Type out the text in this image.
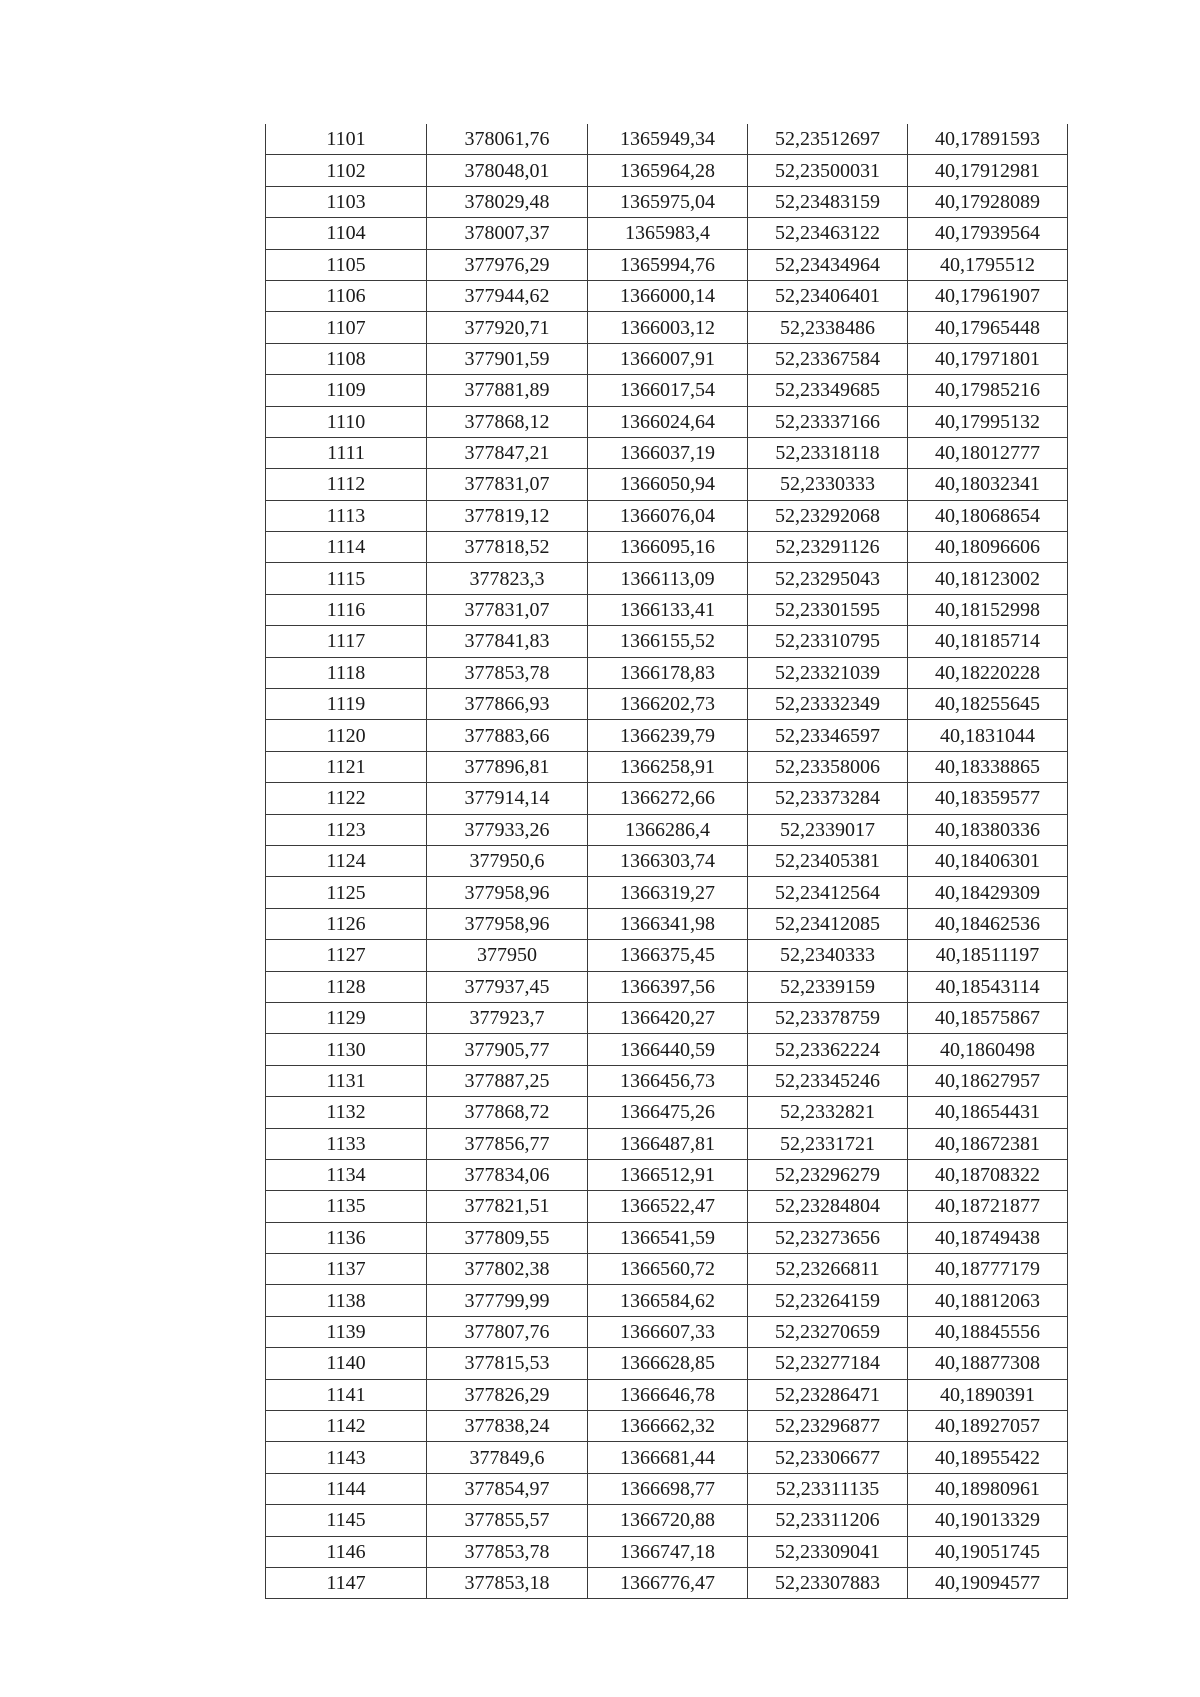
1101	378061,76	1365949,34	52,23512697	40,17891593
1102	378048,01	1365964,28	52,23500031	40,17912981
1103	378029,48	1365975,04	52,23483159	40,17928089
1104	378007,37	1365983,4	52,23463122	40,17939564
1105	377976,29	1365994,76	52,23434964	40,1795512
1106	377944,62	1366000,14	52,23406401	40,17961907
1107	377920,71	1366003,12	52,2338486	40,17965448
1108	377901,59	1366007,91	52,23367584	40,17971801
1109	377881,89	1366017,54	52,23349685	40,17985216
1110	377868,12	1366024,64	52,23337166	40,17995132
1111	377847,21	1366037,19	52,23318118	40,18012777
1112	377831,07	1366050,94	52,2330333	40,18032341
1113	377819,12	1366076,04	52,23292068	40,18068654
1114	377818,52	1366095,16	52,23291126	40,18096606
1115	377823,3	1366113,09	52,23295043	40,18123002
1116	377831,07	1366133,41	52,23301595	40,18152998
1117	377841,83	1366155,52	52,23310795	40,18185714
1118	377853,78	1366178,83	52,23321039	40,18220228
1119	377866,93	1366202,73	52,23332349	40,18255645
1120	377883,66	1366239,79	52,23346597	40,1831044
1121	377896,81	1366258,91	52,23358006	40,18338865
1122	377914,14	1366272,66	52,23373284	40,18359577
1123	377933,26	1366286,4	52,2339017	40,18380336
1124	377950,6	1366303,74	52,23405381	40,18406301
1125	377958,96	1366319,27	52,23412564	40,18429309
1126	377958,96	1366341,98	52,23412085	40,18462536
1127	377950	1366375,45	52,2340333	40,18511197
1128	377937,45	1366397,56	52,2339159	40,18543114
1129	377923,7	1366420,27	52,23378759	40,18575867
1130	377905,77	1366440,59	52,23362224	40,1860498
1131	377887,25	1366456,73	52,23345246	40,18627957
1132	377868,72	1366475,26	52,2332821	40,18654431
1133	377856,77	1366487,81	52,2331721	40,18672381
1134	377834,06	1366512,91	52,23296279	40,18708322
1135	377821,51	1366522,47	52,23284804	40,18721877
1136	377809,55	1366541,59	52,23273656	40,18749438
1137	377802,38	1366560,72	52,23266811	40,18777179
1138	377799,99	1366584,62	52,23264159	40,18812063
1139	377807,76	1366607,33	52,23270659	40,18845556
1140	377815,53	1366628,85	52,23277184	40,18877308
1141	377826,29	1366646,78	52,23286471	40,1890391
1142	377838,24	1366662,32	52,23296877	40,18927057
1143	377849,6	1366681,44	52,23306677	40,18955422
1144	377854,97	1366698,77	52,23311135	40,18980961
1145	377855,57	1366720,88	52,23311206	40,19013329
1146	377853,78	1366747,18	52,23309041	40,19051745
1147	377853,18	1366776,47	52,23307883	40,19094577
